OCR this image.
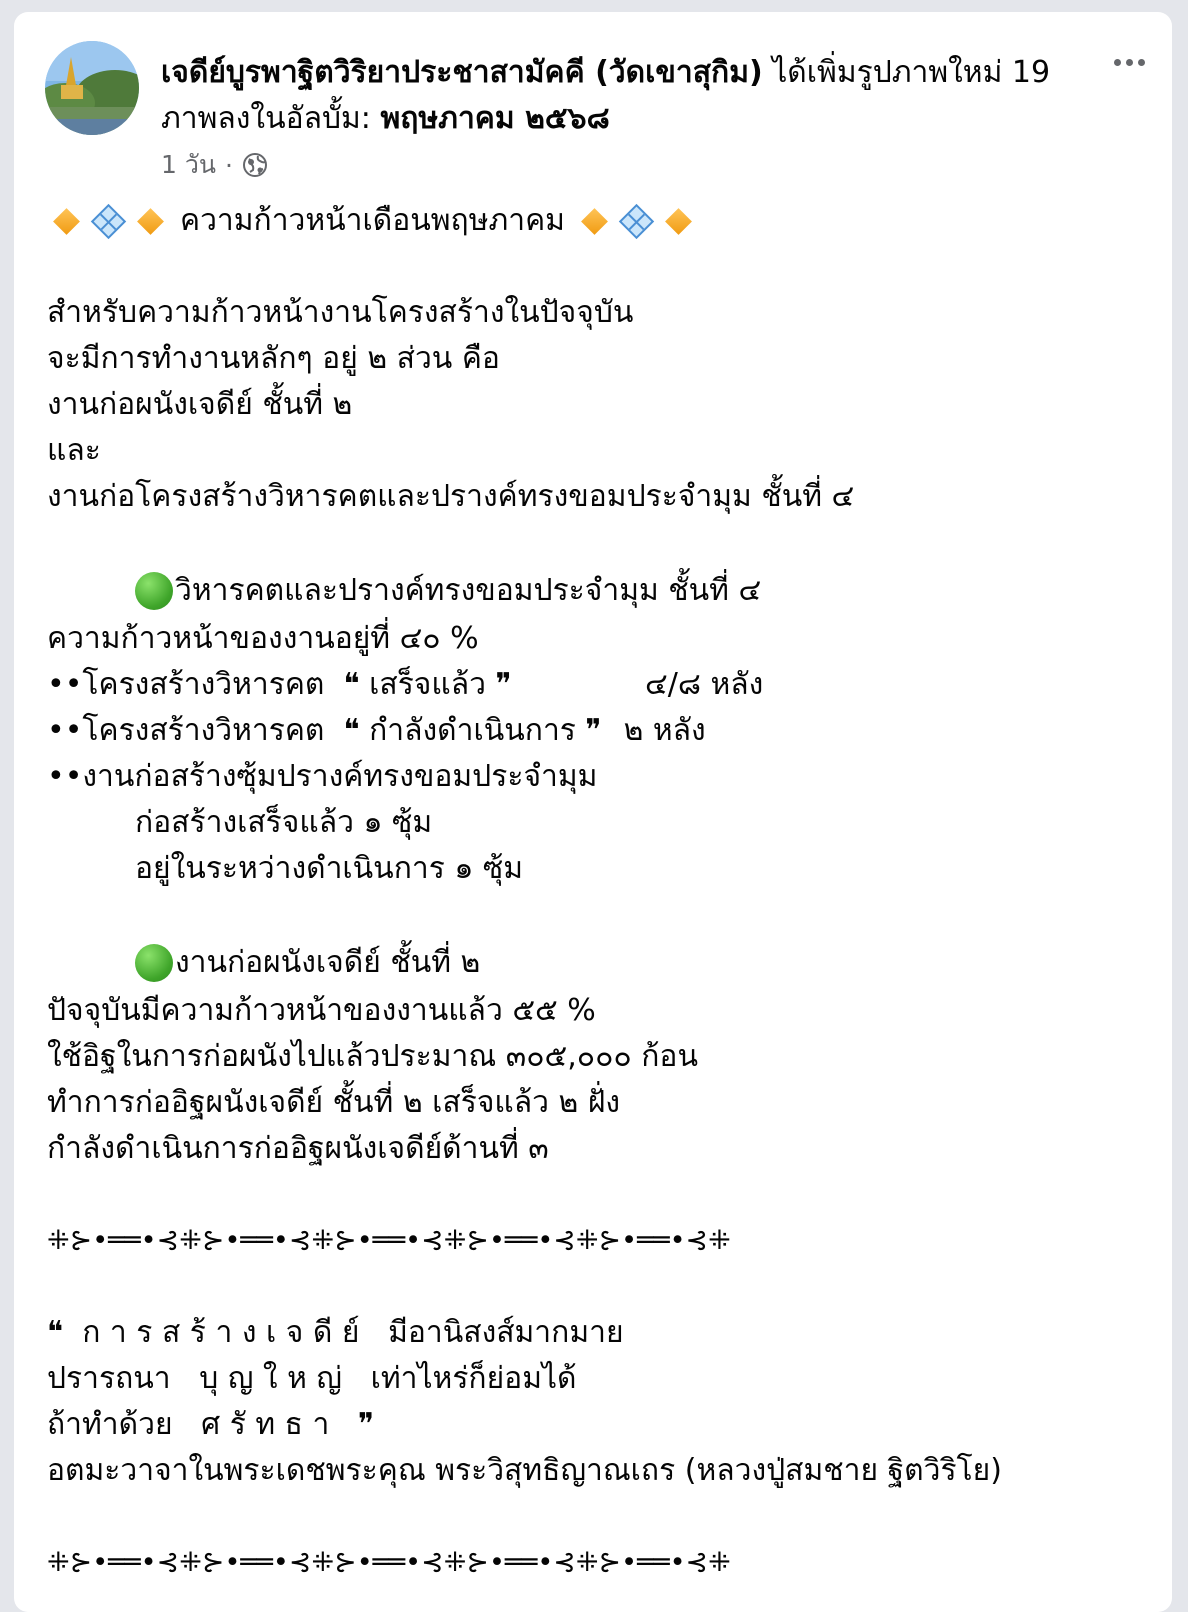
เจดีย์บูรพาฐิตวิริยาประชาสามัคคี (วัดเขาสุกิม) ได้เพิ่มรูปภาพใหม่ 19 ภาพลงในอัลบั้ม: พฤษภาคม ๒๕๖๘
1 วัน ·
ความก้าวหน้าเดือนพฤษภาคม
สำหรับความก้าวหน้างานโครงสร้างในปัจจุบัน
จะมีการทำงานหลักๆ อยู่ ๒ ส่วน คือ
งานก่อผนังเจดีย์ ชั้นที่ ๒
และ
งานก่อโครงสร้างวิหารคตและปรางค์ทรงขอมประจำมุม ชั้นที่ ๔
วิหารคตและปรางค์ทรงขอมประจำมุม ชั้นที่ ๔
ความก้าวหน้าของงานอยู่ที่ ๔๐ %
••โครงสร้างวิหารคต  ❝ เสร็จแล้ว ❞	๔/๘ หลัง
••โครงสร้างวิหารคต  ❝ กำลังดำเนินการ ❞ ๒ หลัง
••งานก่อสร้างซุ้มปรางค์ทรงขอมประจำมุม
ก่อสร้างเสร็จแล้ว ๑ ซุ้ม
อยู่ในระหว่างดำเนินการ ๑ ซุ้ม
งานก่อผนังเจดีย์ ชั้นที่ ๒
ปัจจุบันมีความก้าวหน้าของงานแล้ว ๕๕ %
ใช้อิฐในการก่อผนังไปแล้วประมาณ ๓๐๕,๐๐๐ ก้อน
ทำการก่ออิฐผนังเจดีย์ ชั้นที่ ๒ เสร็จแล้ว ๒ ฝั่ง
กำลังดำเนินการก่ออิฐผนังเจดีย์ด้านที่ ๓
⁜⊱•══•⊰⁜⊱•══•⊰⁜⊱•══•⊰⁜⊱•══•⊰⁜⊱•══•⊰⁜
❝  ก า ร ส ร้ า ง เ จ ดี ย์   มีอานิสงส์มากมาย
ปรารถนา   บุ ญ ใ ห ญ่   เท่าไหร่ก็ย่อมได้
ถ้าทำด้วย   ศ รั ท ธ า   ❞
อตมะวาจาในพระเดชพระคุณ พระวิสุทธิญาณเถร (หลวงปู่สมชาย ฐิตวิริโย)
⁜⊱•══•⊰⁜⊱•══•⊰⁜⊱•══•⊰⁜⊱•══•⊰⁜⊱•══•⊰⁜
